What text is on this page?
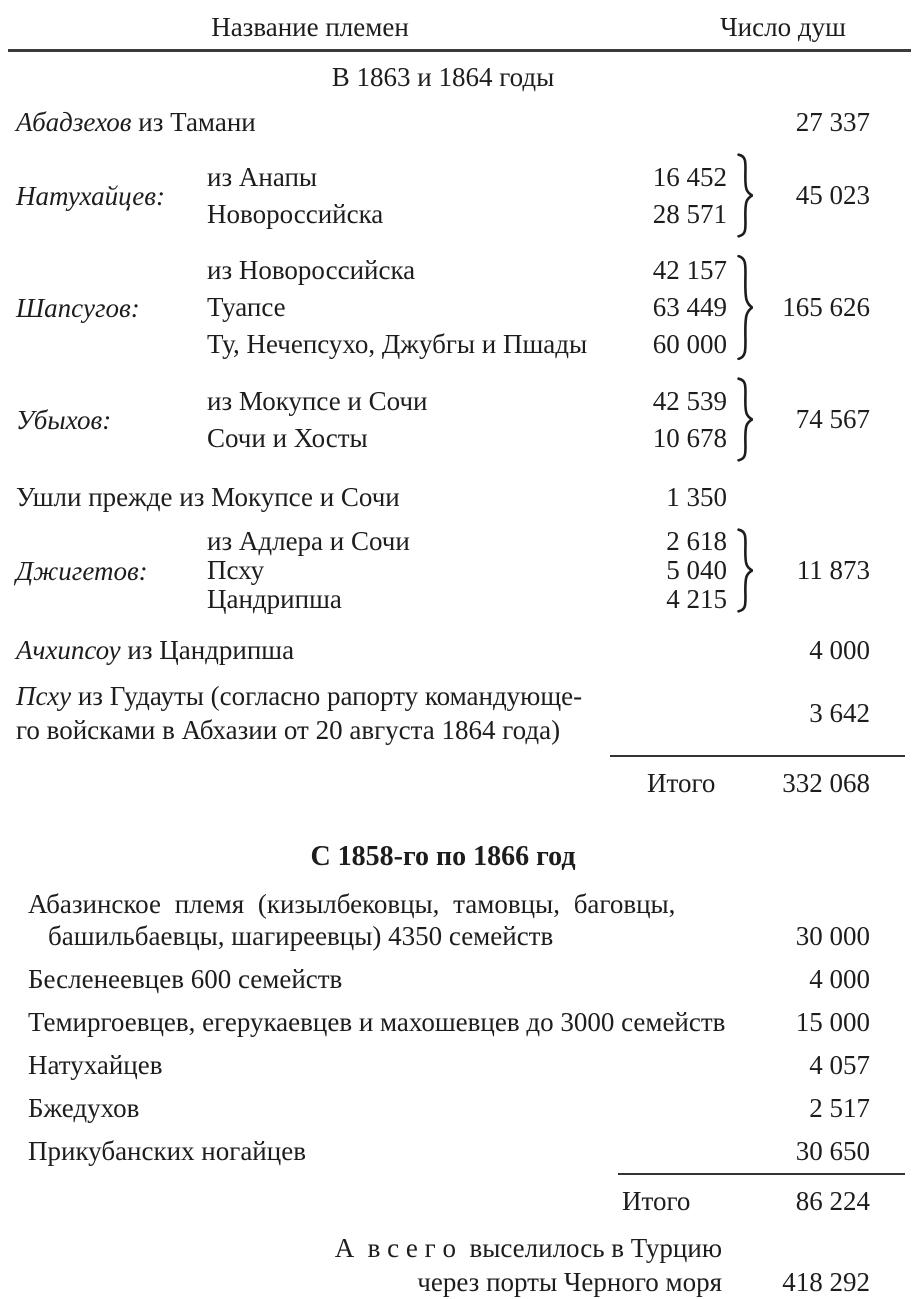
Название племен	Число душ
В 1863 и 1864 годы
Абадзехов из Тамани	27 337
Натухайцев:
из Анапы	16 452
Новороссийска	28 571
45 023
Шапсугов:
из Новороссийска	42 157
Туапсе	63 449
Ту, Нечепсухо, Джубгы и Пшады 60 000
165 626
Убыхов:
из Мокупсе и Сочи	42 539
Сочи и Хосты	10 678
74 567
Ушли прежде из Мокупсе и Сочи	1 350
Джигетов:
из Адлера и Сочи	2 618
Псху	5 040
Цандрипша	4 215
11 873
Ачхипсоу из Цандрипша	4 000
Псху из Гудауты (согласно рапорту командующе-
го войсками в Абхазии от 20 августа 1864 года)
3 642
Итого 332 068
С 1858-го по 1866 год
Абазинское племя (кизылбековцы, тамовцы, баговцы,
башильбаевцы, шагиреевцы) 4350 семейств	30 000
Бесленеевцев 600 семейств	4 000
Темиргоевцев, егерукаевцев и махошевцев до 3000 семейств	15 000
Натухайцев	4 057
Бжедухов	2 517
Прикубанских ногайцев	30 650
Итого	86 224
А  в с е г о  выселилось в Турцию
через порты Черного моря	418 292
